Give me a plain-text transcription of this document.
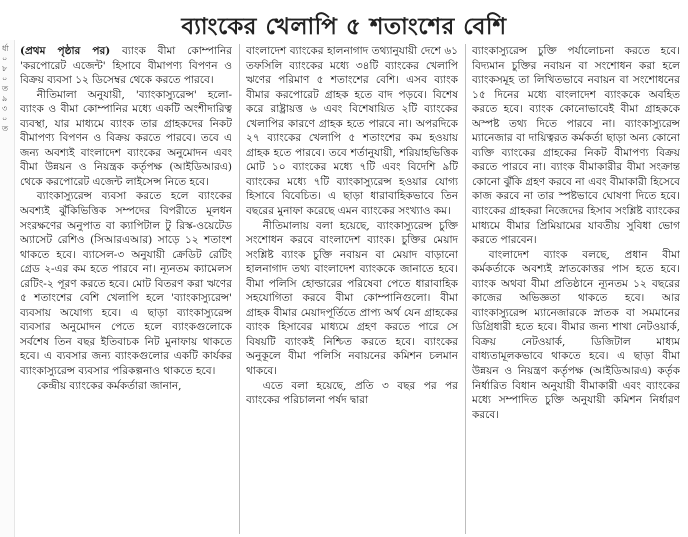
র্ধা ০ ৮ ০ ত ৯ ৩ ০ ত
ব্যাংকের খেলাপি ৫ শতাংশের বেশি

(প্রথম পৃষ্ঠার পর) ব্যাংক বীমা কোম্পানির 'করপোরেট এজেন্ট' হিসাবে বীমাপণ্য বিপণন ও বিক্রয় ব্যবসা ১২ ডিসেম্বর থেকে করতে পারবে।

নীতিমালা অনুযায়ী, 'ব্যাংকাস্যুরেন্স' হলো- ব্যাংক ও বীমা কোম্পানির মধ্যে একটি অংশীদারিত্ব ব্যবস্থা, যার মাধ্যমে ব্যাংক তার গ্রাহকদের নিকট বীমাপণ্য বিপণন ও বিক্রয় করতে পারবে। তবে এ জন্য অবশ্যই বাংলাদেশ ব্যাংকের অনুমোদন এবং বীমা উন্নয়ন ও নিয়ন্ত্রক কর্তৃপক্ষ (আইডিআরএ) থেকে করপোরেট এজেন্ট লাইসেন্স নিতে হবে।

ব্যাংকাস্যুরেন্স ব্যবসা করতে হলে ব্যাংকের অবশ্যই ঝুঁকিভিত্তিক সম্পদের বিপরীতে মূলধন সংরক্ষণের অনুপাত বা ক্যাপিটাল টু রিস্ক-ওয়েটেড অ্যাসেট রেশিও (সিআরএআর) সাড়ে ১২ শতাংশ থাকতে হবে। ব্যাসেল-৩ অনুযায়ী ক্রেডিট রেটিং গ্রেড ২-এর কম হতে পারবে না। ন্যূনতম ক্যামেলস রেটিং-২ পূরণ করতে হবে। মোট বিতরণ করা ঋণের ৫ শতাংশের বেশি খেলাপি হলে 'ব্যাংকাস্যুরেন্স' ব্যবসায় অযোগ্য হবে। এ ছাড়া ব্যাংকাস্যুরেন্স ব্যবসার অনুমোদন পেতে হলে ব্যাংকগুলোকে সর্বশেষ তিন বছর ইতিবাচক নিট মুনাফায় থাকতে হবে। এ ব্যবসার জন্য ব্যাংকগুলোর একটি কার্যকর ব্যাংকাস্যুরেন্স ব্যবসার পরিকল্পনাও থাকতে হবে।

কেন্দ্রীয় ব্যাংকের কর্মকর্তারা জানান,

বাংলাদেশ ব্যাংকের হালনাগাদ তথ্যানুযায়ী দেশে ৬১ তফসিলি ব্যাংকের মধ্যে ৩৪টি ব্যাংকের খেলাপি ঋণের পরিমাণ ৫ শতাংশের বেশি। এসব ব্যাংক বীমার করপোরেট গ্রাহক হতে বাদ পড়বে। বিশেষ করে রাষ্ট্রায়ত্ত ৬ এবং বিশেষায়িত ২টি ব্যাংকের খেলাপির কারণে গ্রাহক হতে পারবে না। অপরদিকে ২৭ ব্যাংকের খেলাপি ৫ শতাংশের কম হওয়ায় গ্রাহক হতে পারবে। তবে শর্তানুযায়ী, শরিয়াহভিত্তিক মোট ১০ ব্যাংকের মধ্যে ৭টি এবং বিদেশি ৯টি ব্যাংকের মধ্যে ৭টি ব্যাংকাস্যুরেন্স হওয়ার যোগ্য হিসাবে বিবেচিত। এ ছাড়া ধারাবাহিকভাবে তিন বছরের মুনাফা করেছে এমন ব্যাংকের সংখ্যাও কম।

নীতিমালায় বলা হয়েছে, ব্যাংকাস্যুরেন্স চুক্তি সংশোধন করবে বাংলাদেশ ব্যাংক। চুক্তির মেয়াদ সংশ্লিষ্ট ব্যাংক চুক্তি নবায়ন বা মেয়াদ বাড়ানো হালনাগাদ তথ্য বাংলাদেশ ব্যাংককে জানাতে হবে। বীমা পলিসি হোল্ডারের পরিষেবা পেতে ধারাবাহিক সহযোগিতা করবে বীমা কোম্পানিগুলো। বীমা গ্রাহক বীমার মেয়াদপূর্তিতে প্রাপ্য অর্থ যেন গ্রাহকের ব্যাংক হিসাবের মাধ্যমে গ্রহণ করতে পারে সে বিষয়টি ব্যাংকই নিশ্চিত করতে হবে। ব্যাংকের অনুকূলে বীমা পলিসি নবায়নের কমিশন চলমান থাকবে।

এতে বলা হয়েছে, প্রতি ৩ বছর পর পর ব্যাংকের পরিচালনা পর্ষদ দ্বারা

ব্যাংকাস্যুরেন্স চুক্তি পর্যালোচনা করতে হবে। বিদ্যমান চুক্তির নবায়ন বা সংশোধন করা হলে ব্যাংকসমূহ তা লিখিতভাবে নবায়ন বা সংশোধনের ১৫ দিনের মধ্যে বাংলাদেশ ব্যাংককে অবহিত করতে হবে। ব্যাংক কোনোভাবেই বীমা গ্রাহককে অস্পষ্ট তথ্য দিতে পারবে না। ব্যাংকাস্যুরেন্স ম্যানেজার বা দায়িত্বরত কর্মকর্তা ছাড়া অন্য কোনো ব্যক্তি ব্যাংকের গ্রাহকের নিকট বীমাপণ্য বিক্রয় করতে পারবে না। ব্যাংক বীমাকারীর বীমা সংক্রান্ত কোনো ঝুঁকি গ্রহণ করবে না এবং বীমাকারী হিসেবে কাজ করবে না তার স্পষ্টভাবে ঘোষণা দিতে হবে। ব্যাংকের গ্রাহকরা নিজেদের হিসাব সংশ্লিষ্ট ব্যাংকের মাধ্যমে বীমার প্রিমিয়ামের যাবতীয় সুবিধা ভোগ করতে পারবেন।

বাংলাদেশ ব্যাংক বলছে, প্রধান বীমা কর্মকর্তাকে অবশ্যই স্নাতকোত্তর পাস হতে হবে। ব্যাংক অথবা বীমা প্রতিষ্ঠানে ন্যূনতম ১২ বছরের কাজের অভিজ্ঞতা থাকতে হবে। আর ব্যাংকাস্যুরেন্স ম্যানেজারকে স্নাতক বা সমমানের ডিগ্রিধারী হতে হবে। বীমার জন্য শাখা নেটওয়ার্ক, বিক্রয় নেটওয়ার্ক, ডিজিটাল মাধ্যম বাধ্যতামূলকভাবে থাকতে হবে। এ ছাড়া বীমা উন্নয়ন ও নিয়ন্ত্রণ কর্তৃপক্ষ (আইডিআরএ) কর্তৃক নির্ধারিত বিধান অনুযায়ী বীমাকারী এবং ব্যাংকের মধ্যে সম্পাদিত চুক্তি অনুযায়ী কমিশন নির্ধারণ করবে।
